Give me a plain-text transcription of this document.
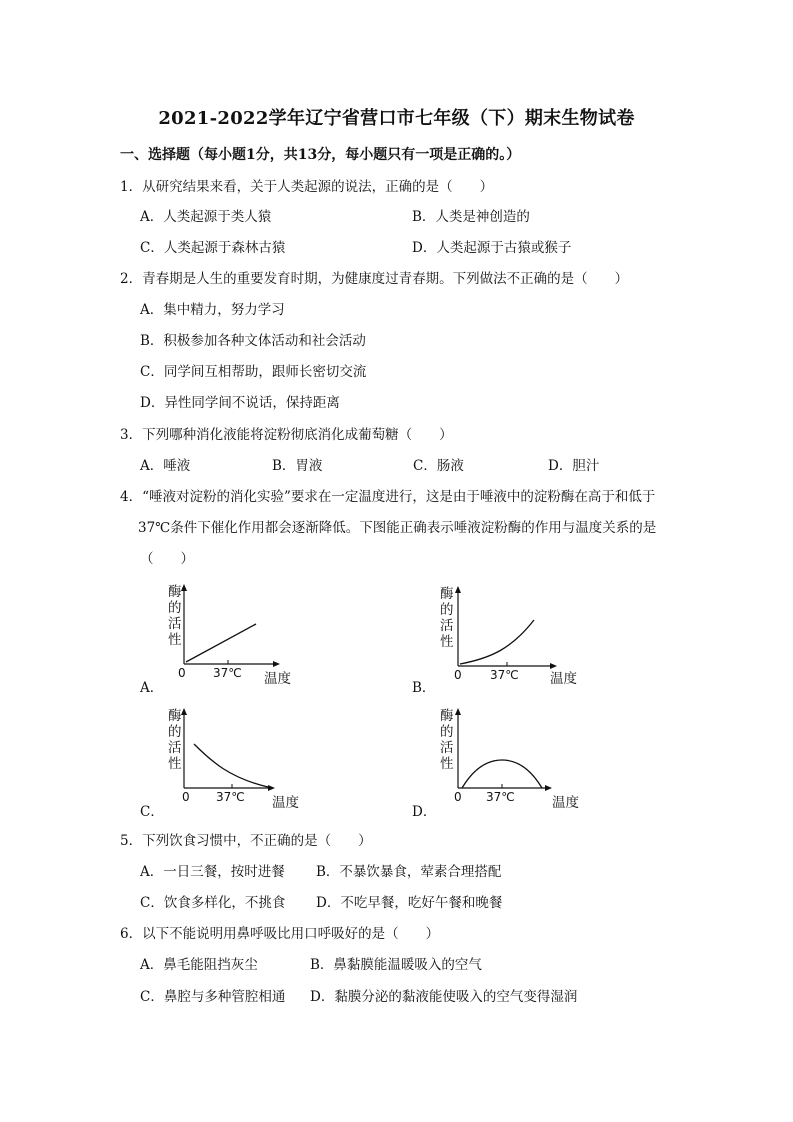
2021-2022学年辽宁省营口市七年级（下）期末生物试卷
一、选择题（每小题1分，共13分，每小题只有一项是正确的。）
1．从研究结果来看，关于人类起源的说法，正确的是（　　）
A．人类起源于类人猿	B．人类是神创造的
C．人类起源于森林古猿	D．人类起源于古猿或猴子
2．青春期是人生的重要发育时期，为健康度过青春期。下列做法不正确的是（　　）
A．集中精力，努力学习
B．积极参加各种文体活动和社会活动
C．同学间互相帮助，跟师长密切交流
D．异性同学间不说话，保持距离
3．下列哪种消化液能将淀粉彻底消化成葡萄糖（　　）
A．唾液	B．胃液	C．肠液	D．胆汁
4．“唾液对淀粉的消化实验”要求在一定温度进行，这是由于唾液中的淀粉酶在高于和低于
37℃条件下催化作用都会逐渐降低。下图能正确表示唾液淀粉酶的作用与温度关系的是
（　　）
A．
酶
的
活
性
0 37℃ 温度
B．
酶
的
活
性
0 37℃ 温度
C．
酶
的
活
性
0 37℃ 温度
D．
酶
的
活
性
0 37℃	温度
5．下列饮食习惯中，不正确的是（　　）
A．一日三餐，按时进餐 B．不暴饮暴食，荤素合理搭配
C．饮食多样化，不挑食 D．不吃早餐，吃好午餐和晚餐
6．以下不能说明用鼻呼吸比用口呼吸好的是（　　）
A．鼻毛能阻挡灰尘	B．鼻黏膜能温暖吸入的空气
C．鼻腔与多种管腔相通 D．黏膜分泌的黏液能使吸入的空气变得湿润
